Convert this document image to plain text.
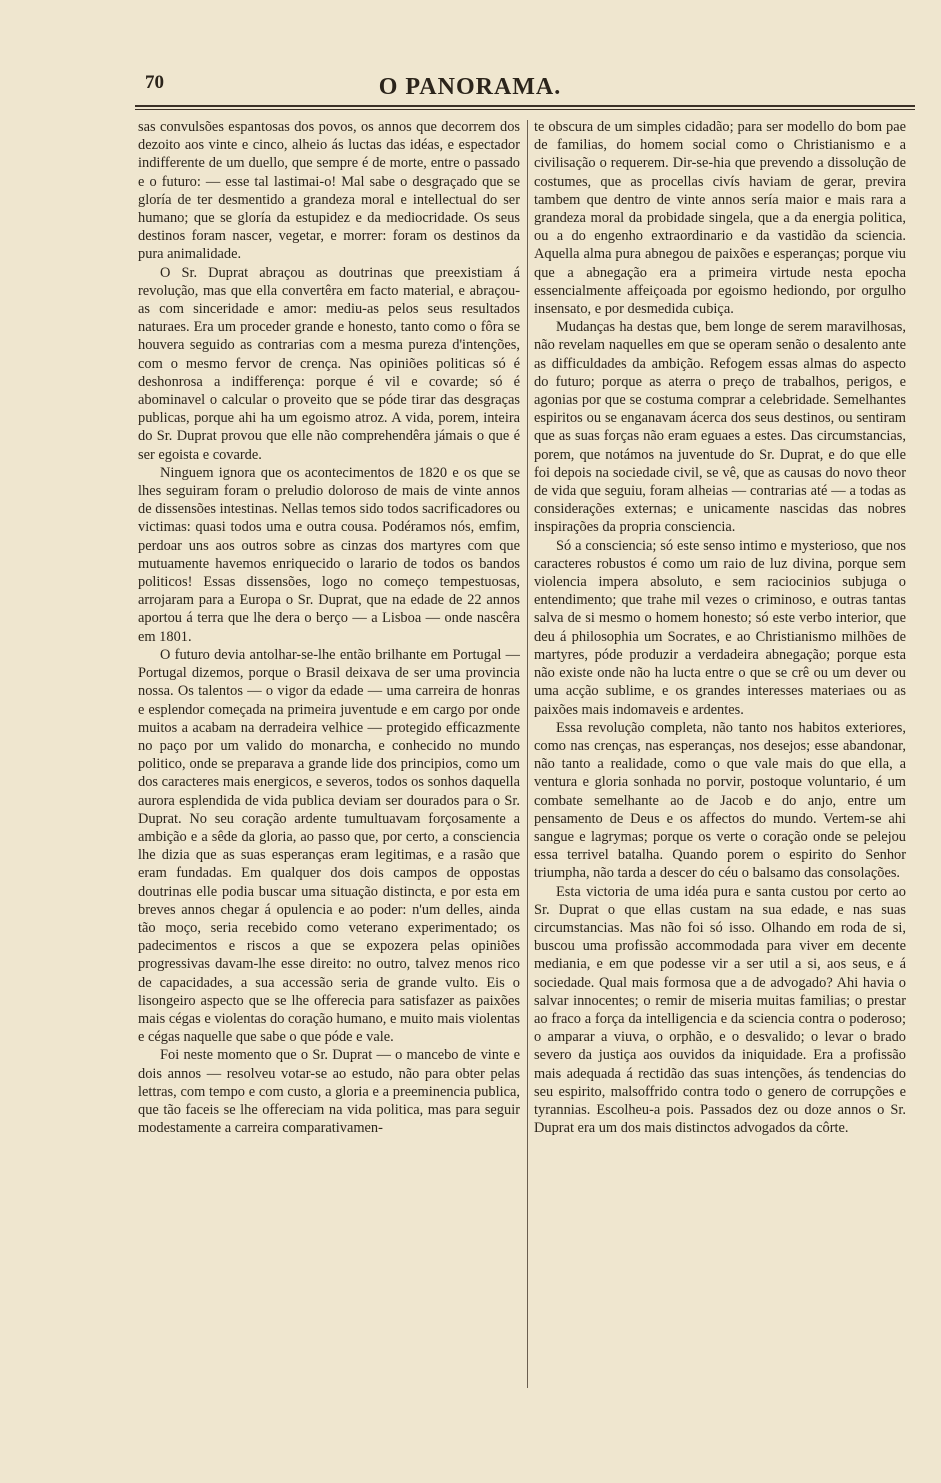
70	O PANORAMA.

sas convulsões espantosas dos povos, os annos que decorrem dos dezoito aos vinte e cinco, alheio ás luctas das idéas, e espectador indifferente de um duello, que sempre é de morte, entre o passado e o futuro: — esse tal lastimai-o! Mal sabe o desgraçado que se gloría de ter desmentido a grandeza moral e intellectual do ser humano; que se gloría da estupidez e da mediocridade. Os seus destinos foram nascer, vegetar, e morrer: foram os destinos da pura animalidade.

O Sr. Duprat abraçou as doutrinas que preexistiam á revolução, mas que ella convertêra em facto material, e abraçou-as com sinceridade e amor: mediu-as pelos seus resultados naturaes. Era um proceder grande e honesto, tanto como o fôra se houvera seguido as contrarias com a mesma pureza d'intenções, com o mesmo fervor de crença. Nas opiniões politicas só é deshonrosa a indifferença: porque é vil e covarde; só é abominavel o calcular o proveito que se póde tirar das desgraças publicas, porque ahi ha um egoismo atroz. A vida, porem, inteira do Sr. Duprat provou que elle não comprehendêra jámais o que é ser egoista e covarde.

Ninguem ignora que os acontecimentos de 1820 e os que se lhes seguiram foram o preludio doloroso de mais de vinte annos de dissensões intestinas. Nellas temos sido todos sacrificadores ou victimas: quasi todos uma e outra cousa. Podéramos nós, emfim, perdoar uns aos outros sobre as cinzas dos martyres com que mutuamente havemos enriquecido o larario de todos os bandos politicos! Essas dissensões, logo no começo tempestuosas, arrojaram para a Europa o Sr. Duprat, que na edade de 22 annos aportou á terra que lhe dera o berço — a Lisboa — onde nascêra em 1801.

O futuro devia antolhar-se-lhe então brilhante em Portugal — Portugal dizemos, porque o Brasil deixava de ser uma provincia nossa. Os talentos — o vigor da edade — uma carreira de honras e esplendor começada na primeira juventude e em cargo por onde muitos a acabam na derradeira velhice — protegido efficazmente no paço por um valido do monarcha, e conhecido no mundo politico, onde se preparava a grande lide dos principios, como um dos caracteres mais energicos, e severos, todos os sonhos daquella aurora esplendida de vida publica deviam ser dourados para o Sr. Duprat. No seu coração ardente tumultuavam forçosamente a ambição e a sêde da gloria, ao passo que, por certo, a consciencia lhe dizia que as suas esperanças eram legitimas, e a rasão que eram fundadas. Em qualquer dos dois campos de oppostas doutrinas elle podia buscar uma situação distincta, e por esta em breves annos chegar á opulencia e ao poder: n'um delles, ainda tão moço, seria recebido como veterano experimentado; os padecimentos e riscos a que se expozera pelas opiniões progressivas davam-lhe esse direito: no outro, talvez menos rico de capacidades, a sua accessão seria de grande vulto. Eis o lisongeiro aspecto que se lhe offerecia para satisfazer as paixões mais cégas e violentas do coração humano, e muito mais violentas e cégas naquelle que sabe o que póde e vale.

Foi neste momento que o Sr. Duprat — o mancebo de vinte e dois annos — resolveu votar-se ao estudo, não para obter pelas lettras, com tempo e com custo, a gloria e a preeminencia publica, que tão faceis se lhe offereciam na vida politica, mas para seguir modestamente a carreira comparativamen-

te obscura de um simples cidadão; para ser modello do bom pae de familias, do homem social como o Christianismo e a civilisação o requerem. Dir-se-hia que prevendo a dissolução de costumes, que as procellas civís haviam de gerar, previra tambem que dentro de vinte annos sería maior e mais rara a grandeza moral da probidade singela, que a da energia politica, ou a do engenho extraordinario e da vastidão da sciencia. Aquella alma pura abnegou de paixões e esperanças; porque viu que a abnegação era a primeira virtude nesta epocha essencialmente affeiçoada por egoismo hediondo, por orgulho insensato, e por desmedida cubiça.

Mudanças ha destas que, bem longe de serem maravilhosas, não revelam naquelles em que se operam senão o desalento ante as difficuldades da ambição. Refogem essas almas do aspecto do futuro; porque as aterra o preço de trabalhos, perigos, e agonias por que se costuma comprar a celebridade. Semelhantes espiritos ou se enganavam ácerca dos seus destinos, ou sentiram que as suas forças não eram eguaes a estes. Das circumstancias, porem, que notámos na juventude do Sr. Duprat, e do que elle foi depois na sociedade civil, se vê, que as causas do novo theor de vida que seguiu, foram alheias — contrarias até — a todas as considerações externas; e unicamente nascidas das nobres inspirações da propria consciencia.

Só a consciencia; só este senso intimo e mysterioso, que nos caracteres robustos é como um raio de luz divina, porque sem violencia impera absoluto, e sem raciocinios subjuga o entendimento; que trahe mil vezes o criminoso, e outras tantas salva de si mesmo o homem honesto; só este verbo interior, que deu á philosophia um Socrates, e ao Christianismo milhões de martyres, póde produzir a verdadeira abnegação; porque esta não existe onde não ha lucta entre o que se crê ou um dever ou uma acção sublime, e os grandes interesses materiaes ou as paixões mais indomaveis e ardentes.

Essa revolução completa, não tanto nos habitos exteriores, como nas crenças, nas esperanças, nos desejos; esse abandonar, não tanto a realidade, como o que vale mais do que ella, a ventura e gloria sonhada no porvir, postoque voluntario, é um combate semelhante ao de Jacob e do anjo, entre um pensamento de Deus e os affectos do mundo. Vertem-se ahi sangue e lagrymas; porque os verte o coração onde se pelejou essa terrivel batalha. Quando porem o espirito do Senhor triumpha, não tarda a descer do céu o balsamo das consolações.

Esta victoria de uma idéa pura e santa custou por certo ao Sr. Duprat o que ellas custam na sua edade, e nas suas circumstancias. Mas não foi só isso. Olhando em roda de si, buscou uma profissão accommodada para viver em decente mediania, e em que podesse vir a ser util a si, aos seus, e á sociedade. Qual mais formosa que a de advogado? Ahi havia o salvar innocentes; o remir de miseria muitas familias; o prestar ao fraco a força da intelligencia e da sciencia contra o poderoso; o amparar a viuva, o orphão, e o desvalido; o levar o brado severo da justiça aos ouvidos da iniquidade. Era a profissão mais adequada á rectidão das suas intenções, ás tendencias do seu espirito, malsoffrido contra todo o genero de corrupções e tyrannias. Escolheu-a pois. Passados dez ou doze annos o Sr. Duprat era um dos mais distinctos advogados da côrte.
